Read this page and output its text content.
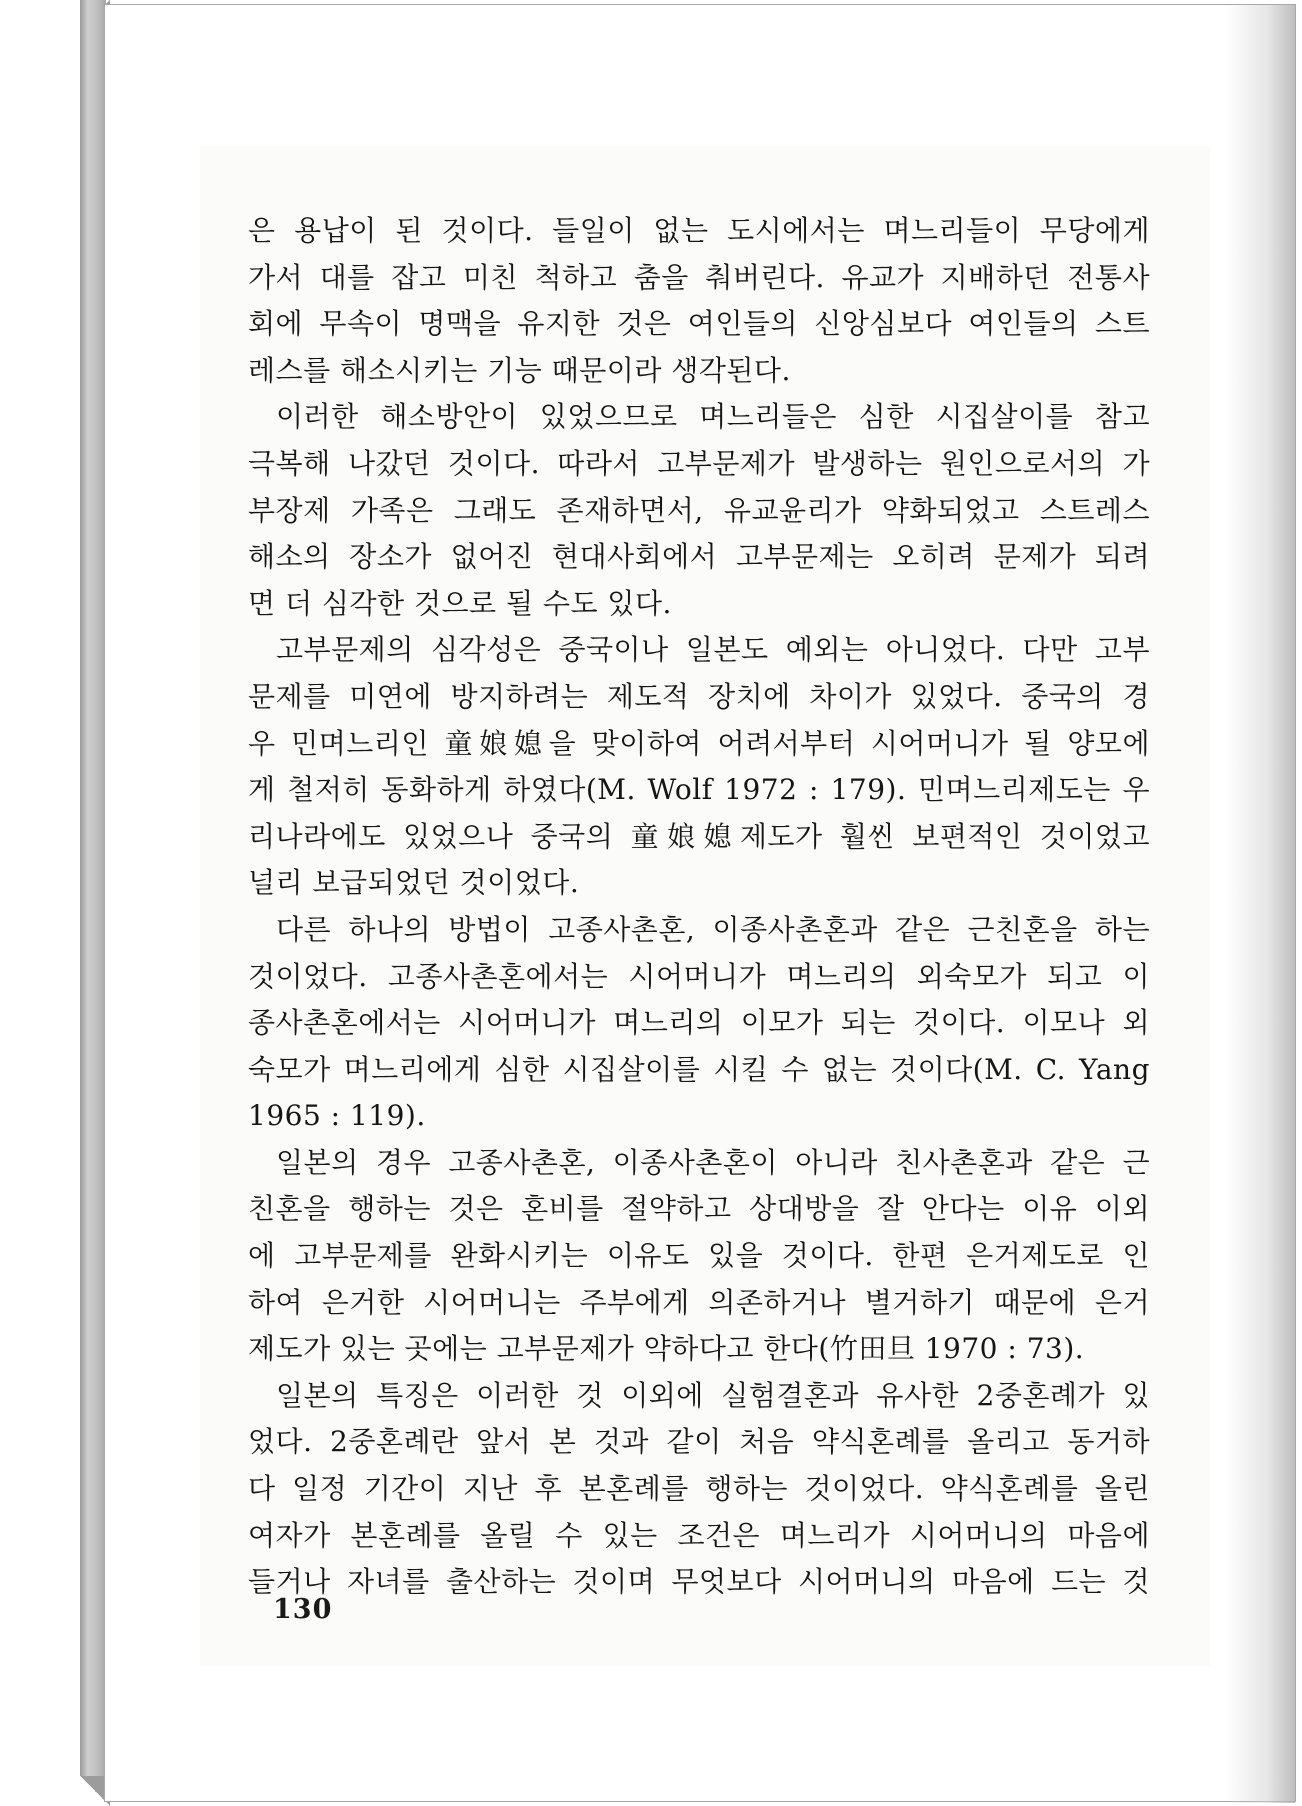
은 용납이 된 것이다. 들일이 없는 도시에서는 며느리들이 무당에게
가서 대를 잡고 미친 척하고 춤을 춰버린다. 유교가 지배하던 전통사
회에 무속이 명맥을 유지한 것은 여인들의 신앙심보다 여인들의 스트
레스를 해소시키는 기능 때문이라 생각된다.
이러한 해소방안이 있었으므로 며느리들은 심한 시집살이를 참고
극복해 나갔던 것이다. 따라서 고부문제가 발생하는 원인으로서의 가
부장제 가족은 그래도 존재하면서, 유교윤리가 약화되었고 스트레스
해소의 장소가 없어진 현대사회에서 고부문제는 오히려 문제가 되려
면 더 심각한 것으로 될 수도 있다.
고부문제의 심각성은 중국이나 일본도 예외는 아니었다. 다만 고부
문제를 미연에 방지하려는 제도적 장치에 차이가 있었다. 중국의 경
우 민며느리인 童娘媳을 맞이하여 어려서부터 시어머니가 될 양모에
게 철저히 동화하게 하였다(M. Wolf 1972 : 179). 민며느리제도는 우
리나라에도 있었으나 중국의 童娘媳제도가 훨씬 보편적인 것이었고
널리 보급되었던 것이었다.
다른 하나의 방법이 고종사촌혼, 이종사촌혼과 같은 근친혼을 하는
것이었다. 고종사촌혼에서는 시어머니가 며느리의 외숙모가 되고 이
종사촌혼에서는 시어머니가 며느리의 이모가 되는 것이다. 이모나 외
숙모가 며느리에게 심한 시집살이를 시킬 수 없는 것이다(M. C. Yang
1965 : 119).
일본의 경우 고종사촌혼, 이종사촌혼이 아니라 친사촌혼과 같은 근
친혼을 행하는 것은 혼비를 절약하고 상대방을 잘 안다는 이유 이외
에 고부문제를 완화시키는 이유도 있을 것이다. 한편 은거제도로 인
하여 은거한 시어머니는 주부에게 의존하거나 별거하기 때문에 은거
제도가 있는 곳에는 고부문제가 약하다고 한다(竹田旦 1970 : 73).
일본의 특징은 이러한 것 이외에 실험결혼과 유사한 2중혼례가 있
었다. 2중혼례란 앞서 본 것과 같이 처음 약식혼례를 올리고 동거하
다 일정 기간이 지난 후 본혼례를 행하는 것이었다. 약식혼례를 올린
여자가 본혼례를 올릴 수 있는 조건은 며느리가 시어머니의 마음에
들거나 자녀를 출산하는 것이며 무엇보다 시어머니의 마음에 드는 것
130
